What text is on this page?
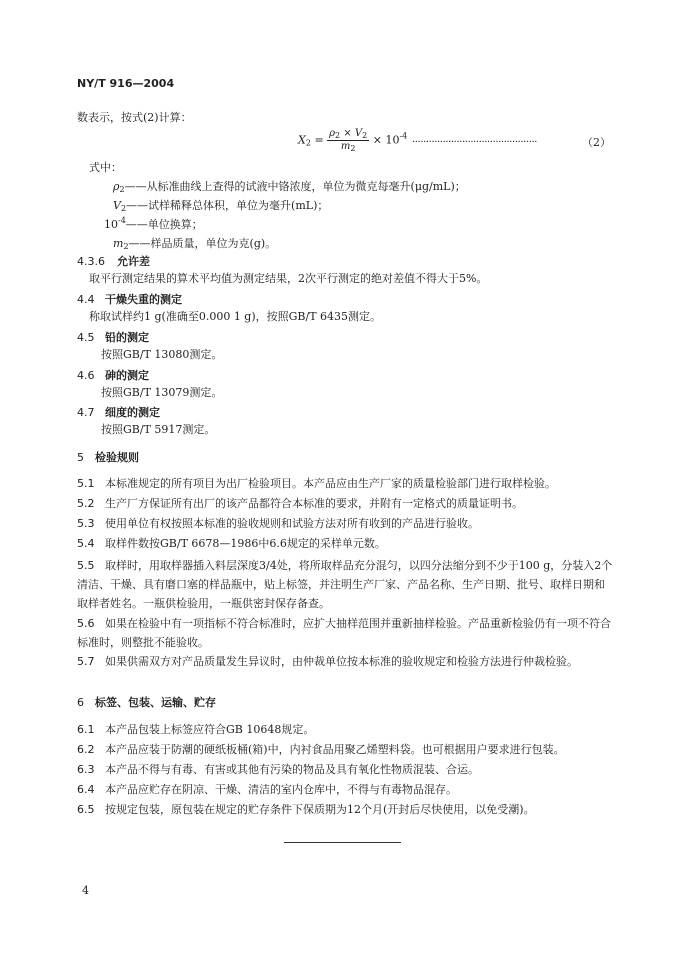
NY/T 916—2004
数表示，按式(2)计算：
$X_2 = \frac{\rho_2 \times V_2}{m_2} \times 10^{-4}$
·············································	（2）
式中：
$\rho_2——$从标准曲线上查得的试液中铬浓度，单位为微克每毫升(μg/mL)；
$V_2——$试样稀释总体积，单位为毫升(mL)；
$10^{-4}——$单位换算；
$m_2——$样品质量，单位为克(g)。
4.3.6 允许差
取平行测定结果的算术平均值为测定结果，2次平行测定的绝对差值不得大于5%。
4.4 干燥失重的测定
称取试样约1 g(准确至0.000 1 g)，按照GB/T 6435测定。
4.5 铅的测定
按照GB/T 13080测定。
4.6 砷的测定
按照GB/T 13079测定。
4.7 细度的测定
按照GB/T 5917测定。
5 检验规则
5.1 本标准规定的所有项目为出厂检验项目。本产品应由生产厂家的质量检验部门进行取样检验。
5.2 生产厂方保证所有出厂的该产品都符合本标准的要求，并附有一定格式的质量证明书。
5.3 使用单位有权按照本标准的验收规则和试验方法对所有收到的产品进行验收。
5.4 取样件数按GB/T 6678—1986中6.6规定的采样单元数。
5.5 取样时，用取样器插入料层深度3/4处，将所取样品充分混匀，以四分法缩分到不少于100 g，分装入2个清洁、干燥、具有磨口塞的样品瓶中，贴上标签，并注明生产厂家、产品名称、生产日期、批号、取样日期和取样者姓名。一瓶供检验用，一瓶供密封保存备查。
5.6 如果在检验中有一项指标不符合标准时，应扩大抽样范围并重新抽样检验。产品重新检验仍有一项不符合标准时，则整批不能验收。
5.7 如果供需双方对产品质量发生异议时，由仲裁单位按本标准的验收规定和检验方法进行仲裁检验。
6 标签、包装、运输、贮存
6.1 本产品包装上标签应符合GB 10648规定。
6.2 本产品应装于防潮的硬纸板桶(箱)中，内衬食品用聚乙烯塑料袋。也可根据用户要求进行包装。
6.3 本产品不得与有毒、有害或其他有污染的物品及具有氧化性物质混装、合运。
6.4 本产品应贮存在阴凉、干燥、清洁的室内仓库中，不得与有毒物品混存。
6.5 按规定包装，原包装在规定的贮存条件下保质期为12个月(开封后尽快使用，以免受潮)。
4
